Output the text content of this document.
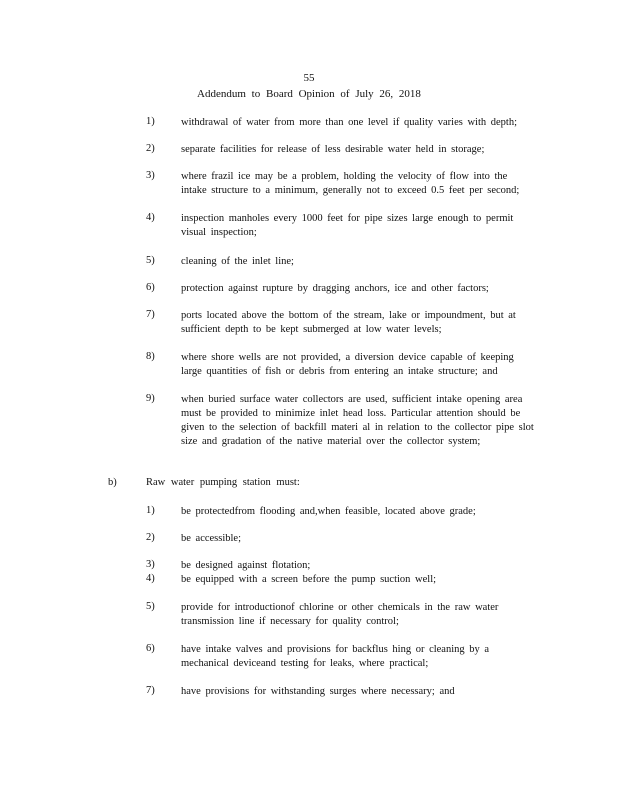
55
Addendum to Board Opinion of July 26, 2018
1)	withdrawal of water from more than one level if quality varies with depth;
2)	separate facilities for release of less desirable water held in storage;
3)	where frazil ice may be a problem, holding the velocity of flow into the intake structure to a minimum, generally not to exceed 0.5 feet per second;
4)	inspection manholes every 1000 feet for pipe sizes large enough to permit visual inspection;
5)	cleaning of the inlet line;
6)	protection against rupture by dragging anchors, ice and other factors;
7)	ports located above the bottom of the stream, lake or impoundment, but at sufficient depth to be kept submerged at low water levels;
8)	where shore wells are not provided, a diversion device capable of keeping large quantities of fish or debris from entering an intake structure; and
9)	when buried surface water collectors are used, sufficient intake opening area must be provided to minimize inlet head loss. Particular attention should be given to the selection of backfill materi al in relation to the collector pipe slot size and gradation of the native material over the collector system;
b)	Raw water pumping station must:
1)	be protectedfrom flooding and,when feasible, located above grade;
2)	be accessible;
3)	be designed against flotation;
4)	be equipped with a screen before the pump suction well;
5)	provide for introductionof chlorine or other chemicals in the raw water transmission line if necessary for quality control;
6)	have intake valves and provisions for backflus hing or cleaning by a mechanical deviceand testing for leaks, where practical;
7)	have provisions for withstanding surges where necessary; and
